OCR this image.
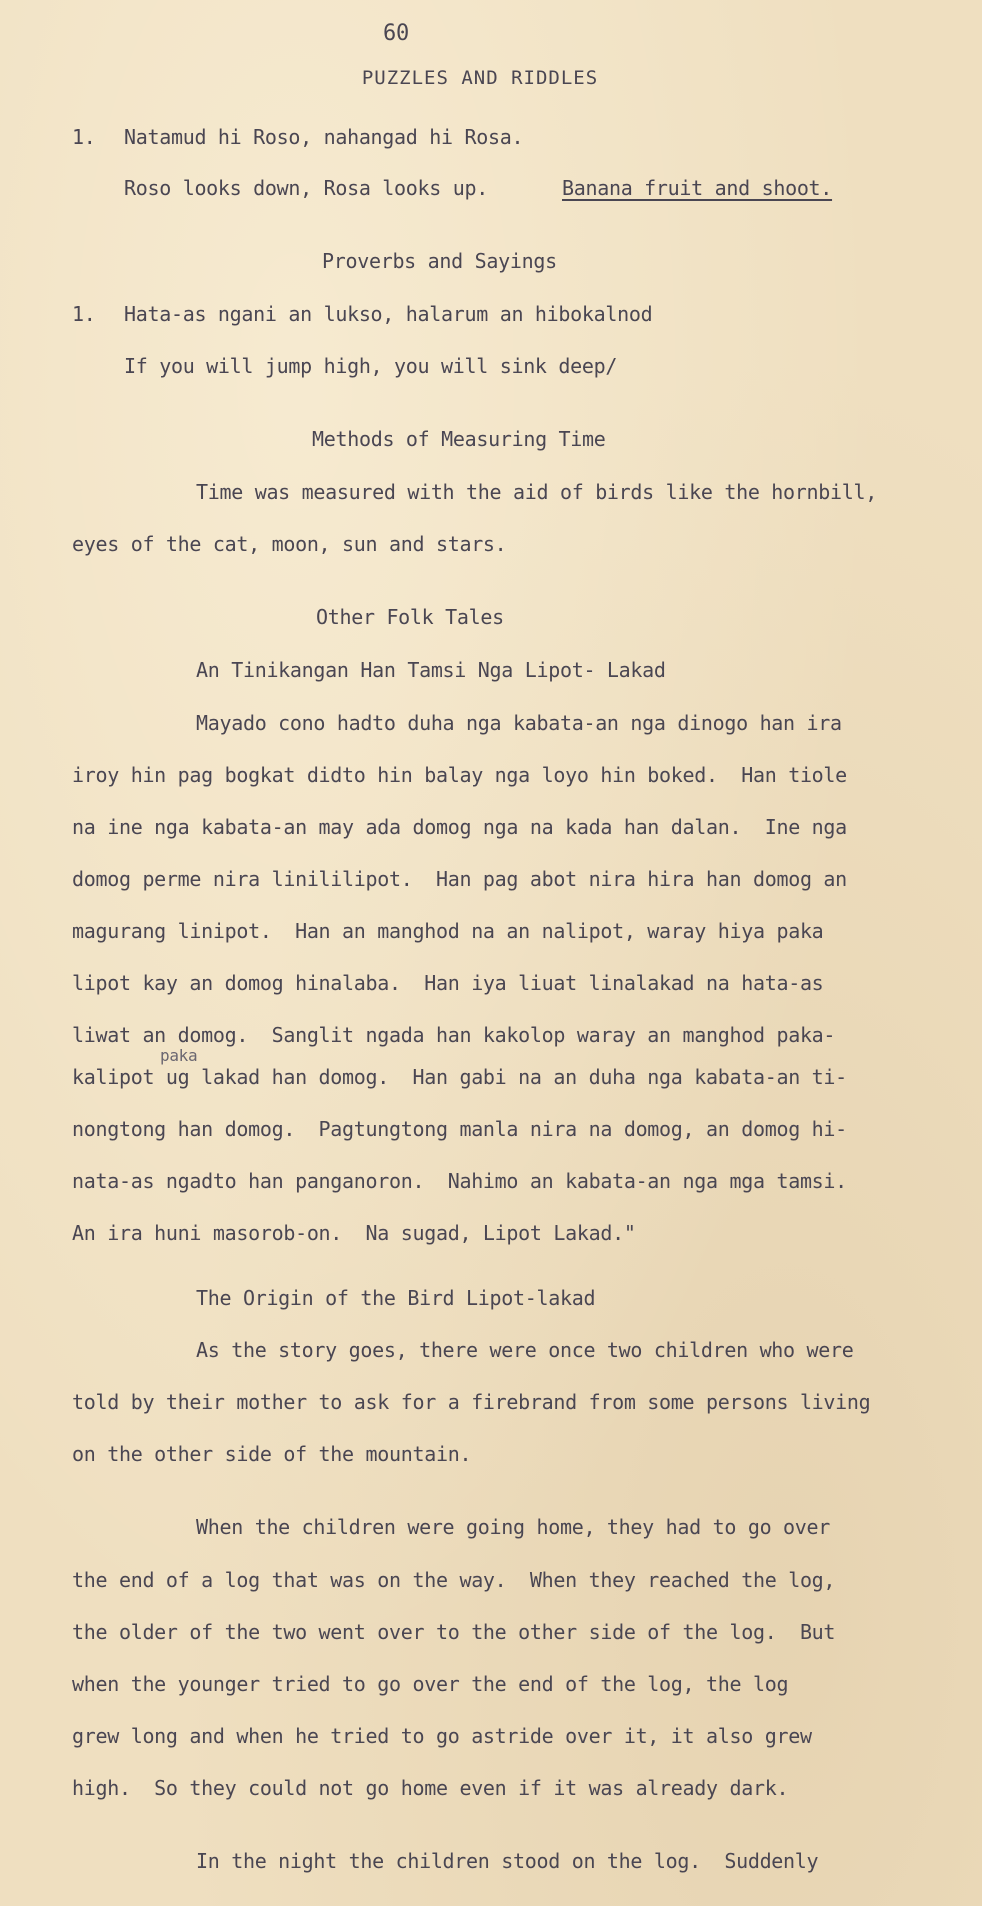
60
PUZZLES AND RIDDLES
1. Natamud hi Roso, nahangad hi Rosa.
Roso looks down, Rosa looks up.	Banana fruit and shoot.
Proverbs and Sayings
1. Hata-as ngani an lukso, halarum an hibokalnod
If you will jump high, you will sink deep/
Methods of Measuring Time
Time was measured with the aid of birds like the hornbill,
eyes of the cat, moon, sun and stars.
Other Folk Tales
An Tinikangan Han Tamsi Nga Lipot- Lakad
Mayado cono hadto duha nga kabata-an nga dinogo han ira
iroy hin pag bogkat didto hin balay nga loyo hin boked.  Han tiole
na ine nga kabata-an may ada domog nga na kada han dalan.  Ine nga
domog perme nira linililipot.  Han pag abot nira hira han domog an
magurang linipot.  Han an manghod na an nalipot, waray hiya paka
lipot kay an domog hinalaba.  Han iya liuat linalakad na hata-as
liwat an domog.  Sanglit ngada han kakolop waray an manghod paka-
paka
kalipot ug lakad han domog.  Han gabi na an duha nga kabata-an ti-
nongtong han domog.  Pagtungtong manla nira na domog, an domog hi-
nata-as ngadto han panganoron.  Nahimo an kabata-an nga mga tamsi.
An ira huni masorob-on.  Na sugad, Lipot Lakad."
The Origin of the Bird Lipot-lakad
As the story goes, there were once two children who were
told by their mother to ask for a firebrand from some persons living
on the other side of the mountain.
When the children were going home, they had to go over
the end of a log that was on the way.  When they reached the log,
the older of the two went over to the other side of the log.  But
when the younger tried to go over the end of the log, the log
grew long and when he tried to go astride over it, it also grew
high.  So they could not go home even if it was already dark.
In the night the children stood on the log.  Suddenly
